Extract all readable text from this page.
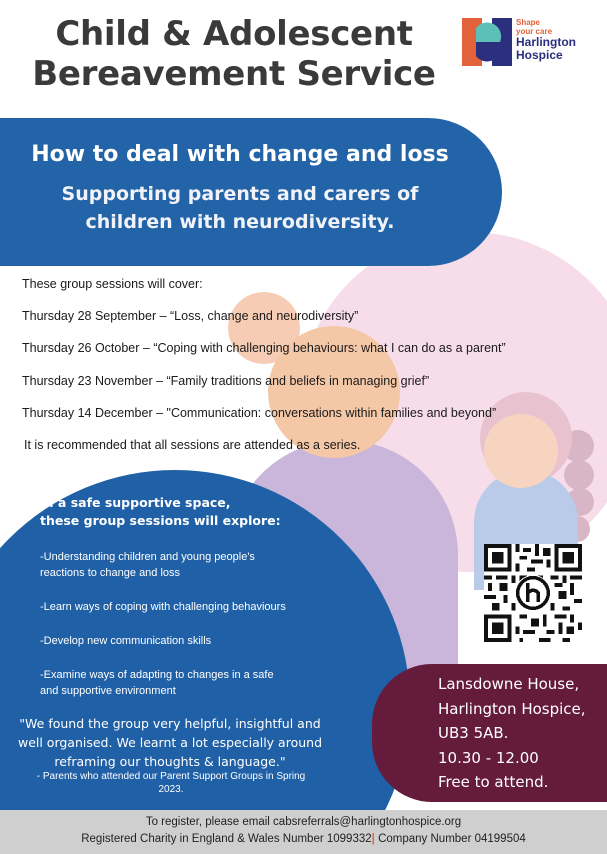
Child & Adolescent
Bereavement Service
Shape
your care
Harlington
Hospice
How to deal with change and loss
Supporting parents and carers of
children with neurodiversity.

These group sessions will cover:

Thursday 28 September – “Loss, change and neurodiversity”

Thursday 26 October – “Coping with challenging behaviours: what I can do as a parent”

Thursday 23 November – “Family traditions and beliefs in managing grief”

Thursday 14 December – "Communication: conversations within families and beyond”

It is recommended that all sessions are attended as a series.

In a safe supportive space,
these group sessions will explore:
-Understanding children and young people's
reactions to change and loss
-Learn ways of coping with challenging behaviours
-Develop new communication skills
-Examine ways of adapting to changes in a safe
and supportive environment
"We found the group very helpful, insightful and
well organised. We learnt a lot especially around
reframing our thoughts & language."
- Parents who attended our Parent Support Groups in Spring
2023.
Lansdowne House,
Harlington Hospice,
UB3 5AB.
10.30 - 12.00
Free to attend.
To register, please email cabsreferrals@harlingtonhospice.org
Registered Charity in England & Wales Number 1099332| Company Number 04199504
